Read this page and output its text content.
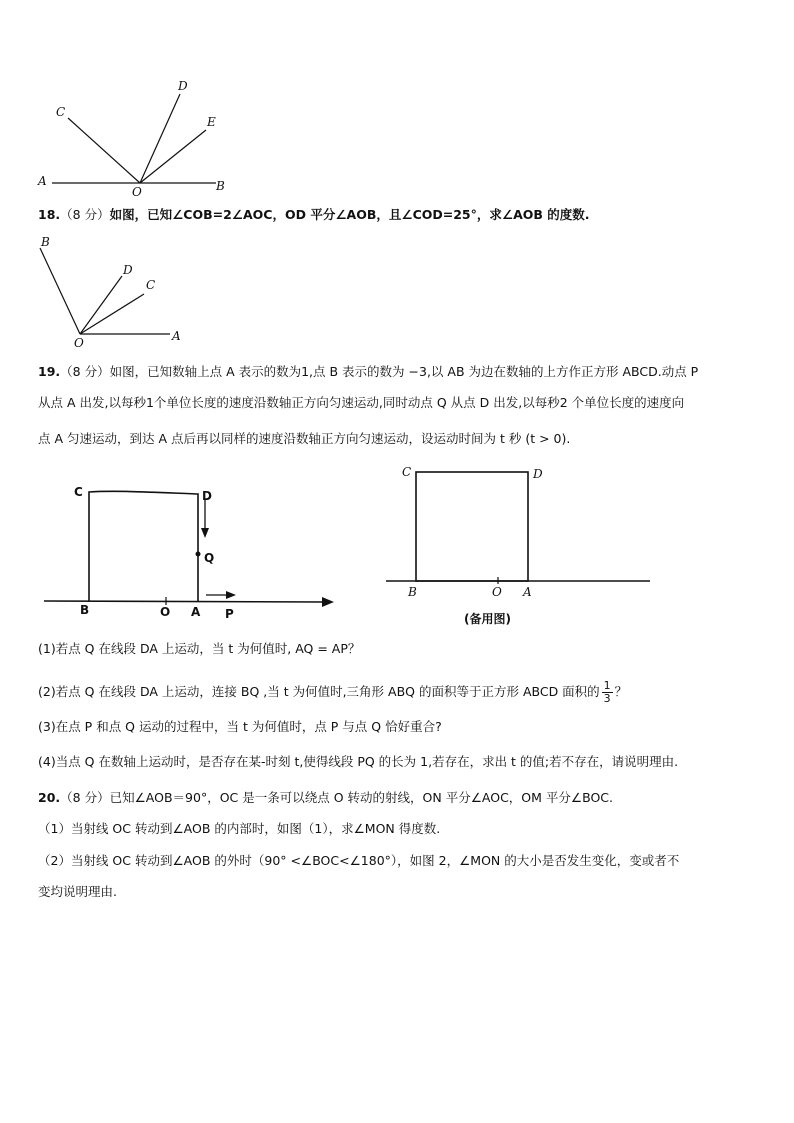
A	B
C
D
E
O
18.（8 分）如图，已知∠COB=2∠AOC，OD 平分∠AOB，且∠COD=25°，求∠AOB 的度数.
B
D
C
A
O
19.（8 分）如图，已知数轴上点 A 表示的数为1,点 B 表示的数为 −3,以 AB 为边在数轴的上方作正方形 ABCD.动点 P
从点 A 出发,以每秒1个单位长度的速度沿数轴正方向匀速运动,同时动点 Q 从点 D 出发,以每秒2 个单位长度的速度向
点 A 匀速运动，到达 A 点后再以同样的速度沿数轴正方向匀速运动，设运动时间为 t 秒 (t > 0).
C	D
Q
B	O A P
C	D
B	O A
(备用图)
(1)若点 Q 在线段 DA 上运动，当 t 为何值时, AQ = AP？
(2)若点 Q 在线段 DA 上运动，连接 BQ ,当 t 为何值时,三角形 ABQ 的面积等于正方形 ABCD 面积的 $\frac{1}{3}$ ？
(3)在点 P 和点 Q 运动的过程中，当 t 为何值时，点 P 与点 Q 恰好重合?
(4)当点 Q 在数轴上运动时，是否存在某-时刻 t,使得线段 PQ 的长为 1,若存在，求出 t 的值;若不存在，请说明理由.
20.（8 分）已知∠AOB＝90°，OC 是一条可以绕点 O 转动的射线，ON 平分∠AOC，OM 平分∠BOC.
（1）当射线 OC 转动到∠AOB 的内部时，如图（1），求∠MON 得度数.
（2）当射线 OC 转动到∠AOB 的外时（90° <∠BOC<∠180°），如图 2，∠MON 的大小是否发生变化，变或者不
变均说明理由.
